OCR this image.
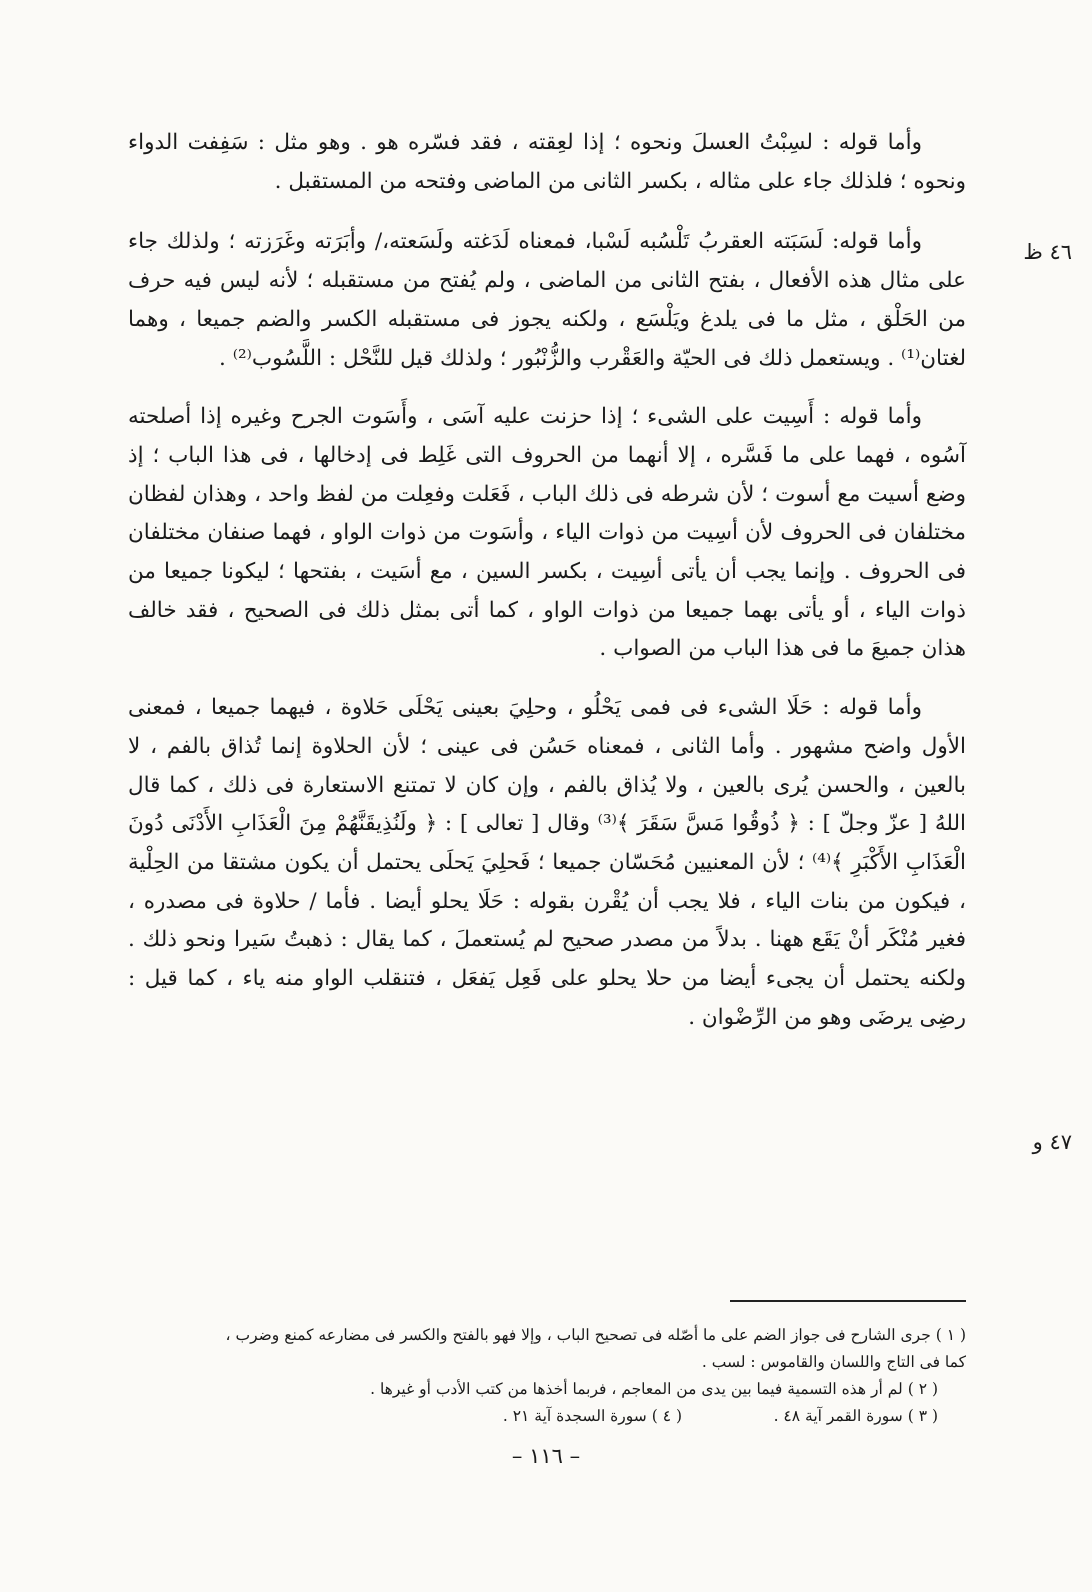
وأما قوله : لسِبْتُ العسلَ ونحوه ؛ إذا لعِقته ، فقد فسّره هو . وهو مثل : سَفِفت الدواء ونحوه ؛ فلذلك جاء على مثاله ، بكسر الثانى من الماضى وفتحه من المستقبل .

وأما قوله: لَسَبَته العقربُ تَلْسُبه لَسْبا، فمعناه لَدَغته ولَسَعته،/ وأبَرَته وغَرَزته ؛ ولذلك جاء على مثال هذه الأفعال ، بفتح الثانى من الماضى ، ولم يُفتح من مستقبله ؛ لأنه ليس فيه حرف من الحَلْق ، مثل ما فى يلدغ ويَلْسَع ، ولكنه يجوز فى مستقبله الكسر والضم جميعا ، وهما لغتان⁽¹⁾ . ويستعمل ذلك فى الحيّة والعَقْرب والزُّنْبُور ؛ ولذلك قيل للنَّحْل : اللَّسُوب⁽²⁾ .

وأما قوله : أَسِيت على الشىء ؛ إذا حزنت عليه آسَى ، وأَسَوت الجرح وغيره إذا أصلحته آسُوه ، فهما على ما فَسَّره ، إلا أنهما من الحروف التى غَلِط فى إدخالها ، فى هذا الباب ؛ إذ وضع أسيت مع أسوت ؛ لأن شرطه فى ذلك الباب ، فَعَلت وفعِلت من لفظ واحد ، وهذان لفظان مختلفان فى الحروف لأن أسِيت من ذوات الياء ، وأسَوت من ذوات الواو ، فهما صنفان مختلفان فى الحروف . وإنما يجب أن يأتى أسِيت ، بكسر السين ، مع أسَيت ، بفتحها ؛ ليكونا جميعا من ذوات الياء ، أو يأتى بهما جميعا من ذوات الواو ، كما أتى بمثل ذلك فى الصحيح ، فقد خالف هذان جميعَ ما فى هذا الباب من الصواب .

وأما قوله : حَلَا الشىء فى فمى يَحْلُو ، وحلِيَ بعينى يَحْلَى حَلاوة ، فيهما جميعا ، فمعنى الأول واضح مشهور . وأما الثانى ، فمعناه حَسُن فى عينى ؛ لأن الحلاوة إنما تُذاق بالفم ، لا بالعين ، والحسن يُرى بالعين ، ولا يُذاق بالفم ، وإن كان لا تمتنع الاستعارة فى ذلك ، كما قال اللهُ [ عزّ وجلّ ] : ﴿ ذُوقُوا مَسَّ سَقَرَ ﴾⁽³⁾ وقال [ تعالى ] : ﴿ ولَنُذِيقَنَّهُمْ مِنَ الْعَذَابِ الأَدْنَى دُونَ الْعَذَابِ الأَكْبَرِ ﴾⁽⁴⁾ ؛ لأن المعنيين مُحَسّان جميعا ؛ فَحلِيَ يَحلَى يحتمل أن يكون مشتقا من الحِلْية ، فيكون من بنات الياء ، فلا يجب أن يُقْرن بقوله : حَلَا يحلو أيضا . فأما / حلاوة فى مصدره ، فغير مُنْكَر أنْ يَقَع ههنا . بدلاً من مصدر صحيح لم يُستعملَ ، كما يقال : ذهبتُ سَيرا ونحو ذلك . ولكنه يحتمل أن يجىء أيضا من حلا يحلو على فَعِل يَفعَل ، فتنقلب الواو منه ياء ، كما قيل : رضِى يرضَى وهو من الرِّضْوان .

٤٦ ظ
٤٧ و

( ١ ) جرى الشارح فى جواز الضم على ما أصّله فى تصحيح الباب ، وإلا فهو بالفتح والكسر فى مضارعه كمنع وضرب ،

كما فى التاج واللسان والقاموس : لسب .

( ٢ ) لم أر هذه التسمية فيما بين يدى من المعاجم ، فربما أخذها من كتب الأدب أو غيرها .

( ٣ ) سورة القمر آية ٤٨ .

( ٤ ) سورة السجدة آية ٢١ .

– ١١٦ –
